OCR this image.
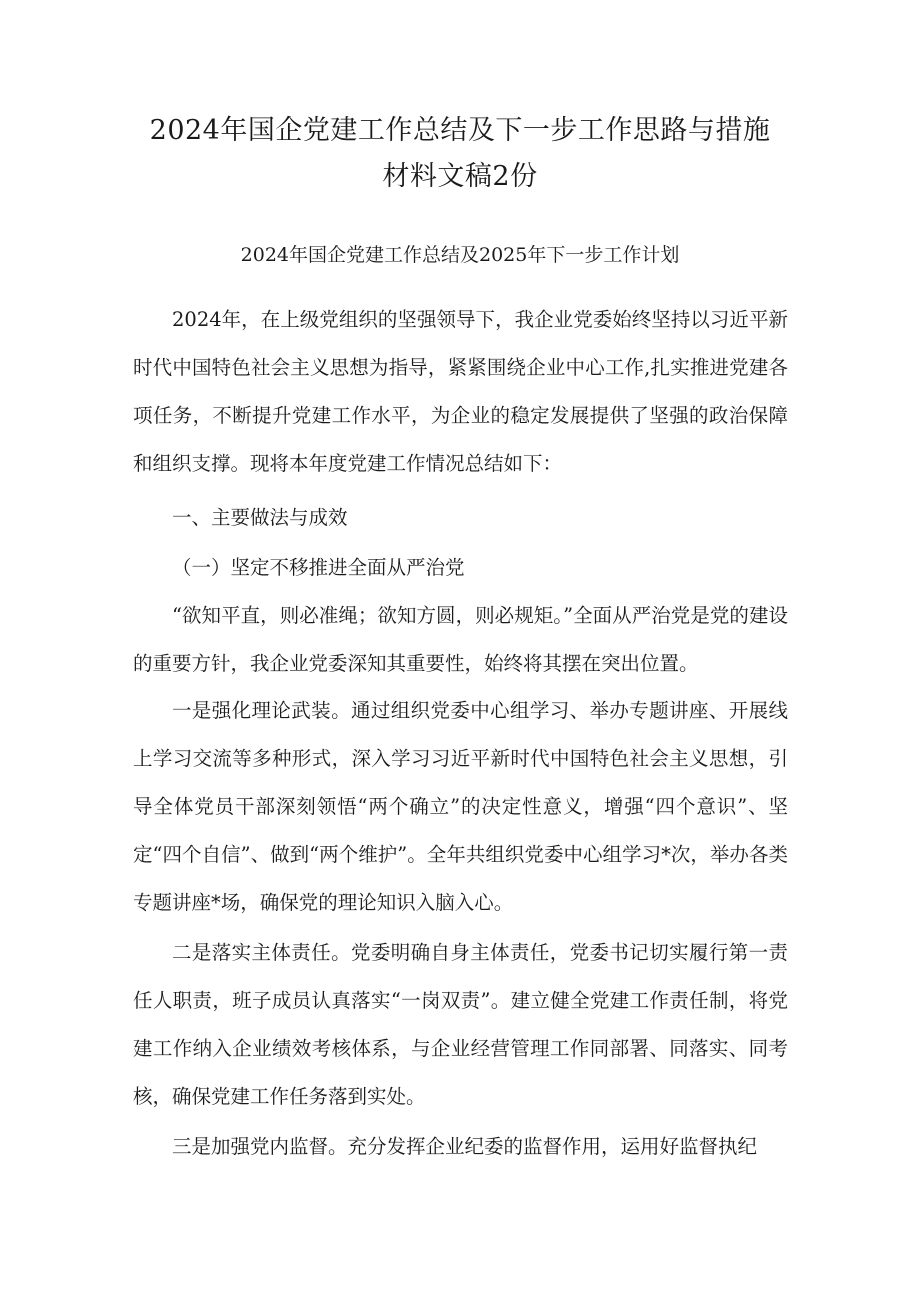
2024年国企党建工作总结及下一步工作思路与措施
材料文稿2份
2024年国企党建工作总结及2025年下一步工作计划

2024年，在上级党组织的坚强领导下，我企业党委始终坚持以习近平新时代中国特色社会主义思想为指导，紧紧围绕企业中心工作,扎实推进党建各项任务，不断提升党建工作水平，为企业的稳定发展提供了坚强的政治保障和组织支撑。现将本年度党建工作情况总结如下：

一、主要做法与成效

（一）坚定不移推进全面从严治党

“欲知平直，则必准绳；欲知方圆，则必规矩。”全面从严治党是党的建设的重要方针，我企业党委深知其重要性，始终将其摆在突出位置。

一是强化理论武装。通过组织党委中心组学习、举办专题讲座、开展线上学习交流等多种形式，深入学习习近平新时代中国特色社会主义思想，引导全体党员干部深刻领悟“两个确立”的决定性意义，增强“四个意识”、坚定“四个自信”、做到“两个维护”。全年共组织党委中心组学习*次，举办各类专题讲座*场，确保党的理论知识入脑入心。

二是落实主体责任。党委明确自身主体责任，党委书记切实履行第一责任人职责，班子成员认真落实“一岗双责”。建立健全党建工作责任制，将党建工作纳入企业绩效考核体系，与企业经营管理工作同部署、同落实、同考核，确保党建工作任务落到实处。

三是加强党内监督。充分发挥企业纪委的监督作用，运用好监督执纪
